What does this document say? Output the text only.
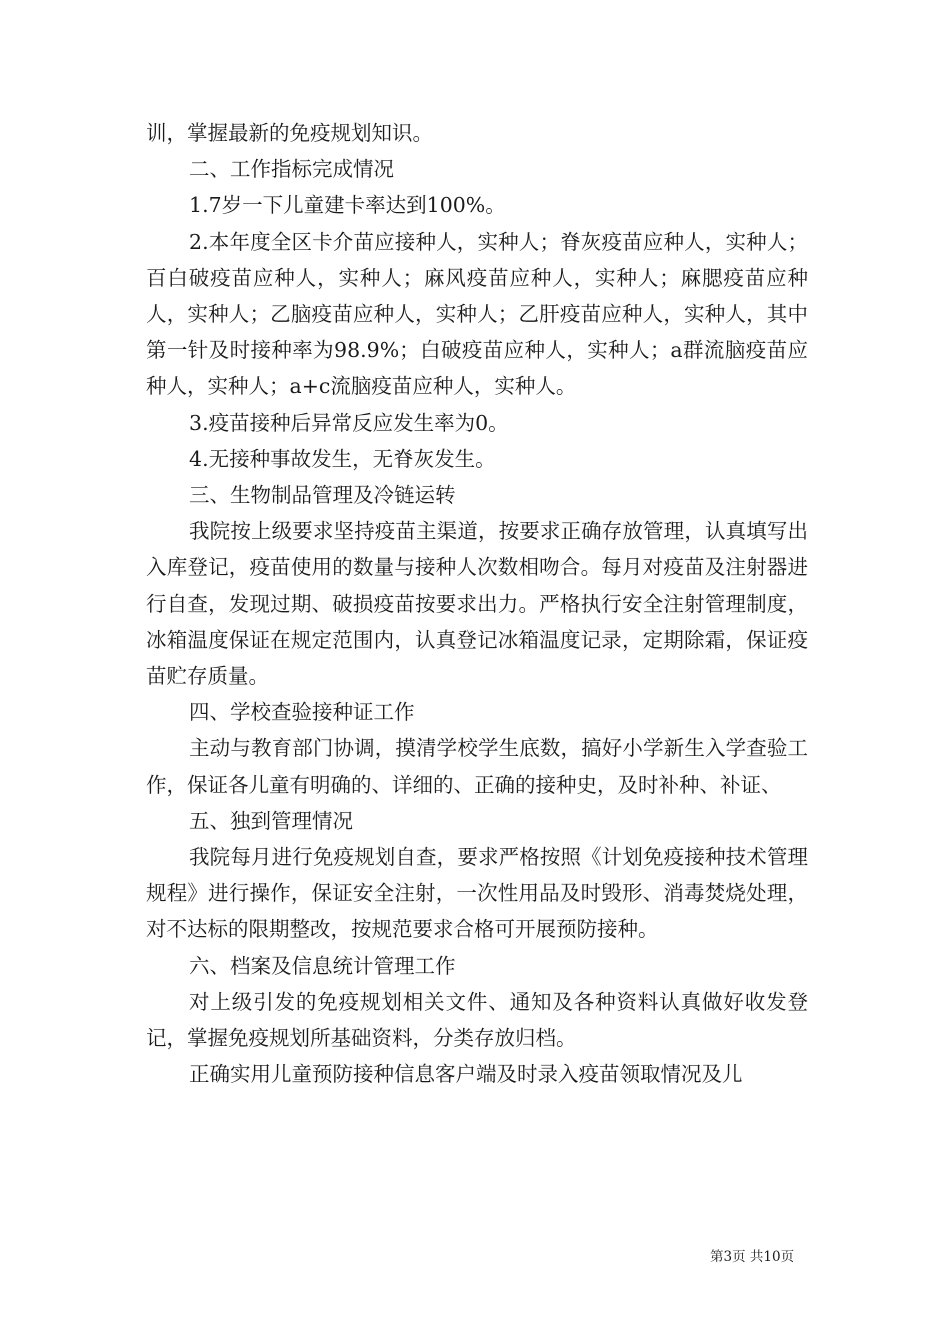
训，掌握最新的免疫规划知识。

二、工作指标完成情况

1.7岁一下儿童建卡率达到100%。

2.本年度全区卡介苗应接种人，实种人；脊灰疫苗应种人，实种人；百白破疫苗应种人，实种人；麻风疫苗应种人，实种人；麻腮疫苗应种人，实种人；乙脑疫苗应种人，实种人；乙肝疫苗应种人，实种人，其中第一针及时接种率为98.9%；白破疫苗应种人，实种人；a群流脑疫苗应种人，实种人；a+c流脑疫苗应种人，实种人。

3.疫苗接种后异常反应发生率为0。

4.无接种事故发生，无脊灰发生。

三、生物制品管理及冷链运转

我院按上级要求坚持疫苗主渠道，按要求正确存放管理，认真填写出入库登记，疫苗使用的数量与接种人次数相吻合。每月对疫苗及注射器进行自查，发现过期、破损疫苗按要求出力。严格执行安全注射管理制度，冰箱温度保证在规定范围内，认真登记冰箱温度记录，定期除霜，保证疫苗贮存质量。

四、学校查验接种证工作

主动与教育部门协调，摸清学校学生底数，搞好小学新生入学查验工作，保证各儿童有明确的、详细的、正确的接种史，及时补种、补证、

五、独到管理情况

我院每月进行免疫规划自查，要求严格按照《计划免疫接种技术管理规程》进行操作，保证安全注射，一次性用品及时毁形、消毒焚烧处理，对不达标的限期整改，按规范要求合格可开展预防接种。

六、档案及信息统计管理工作

对上级引发的免疫规划相关文件、通知及各种资料认真做好收发登记，掌握免疫规划所基础资料，分类存放归档。

正确实用儿童预防接种信息客户端及时录入疫苗领取情况及儿

第3页 共10页
